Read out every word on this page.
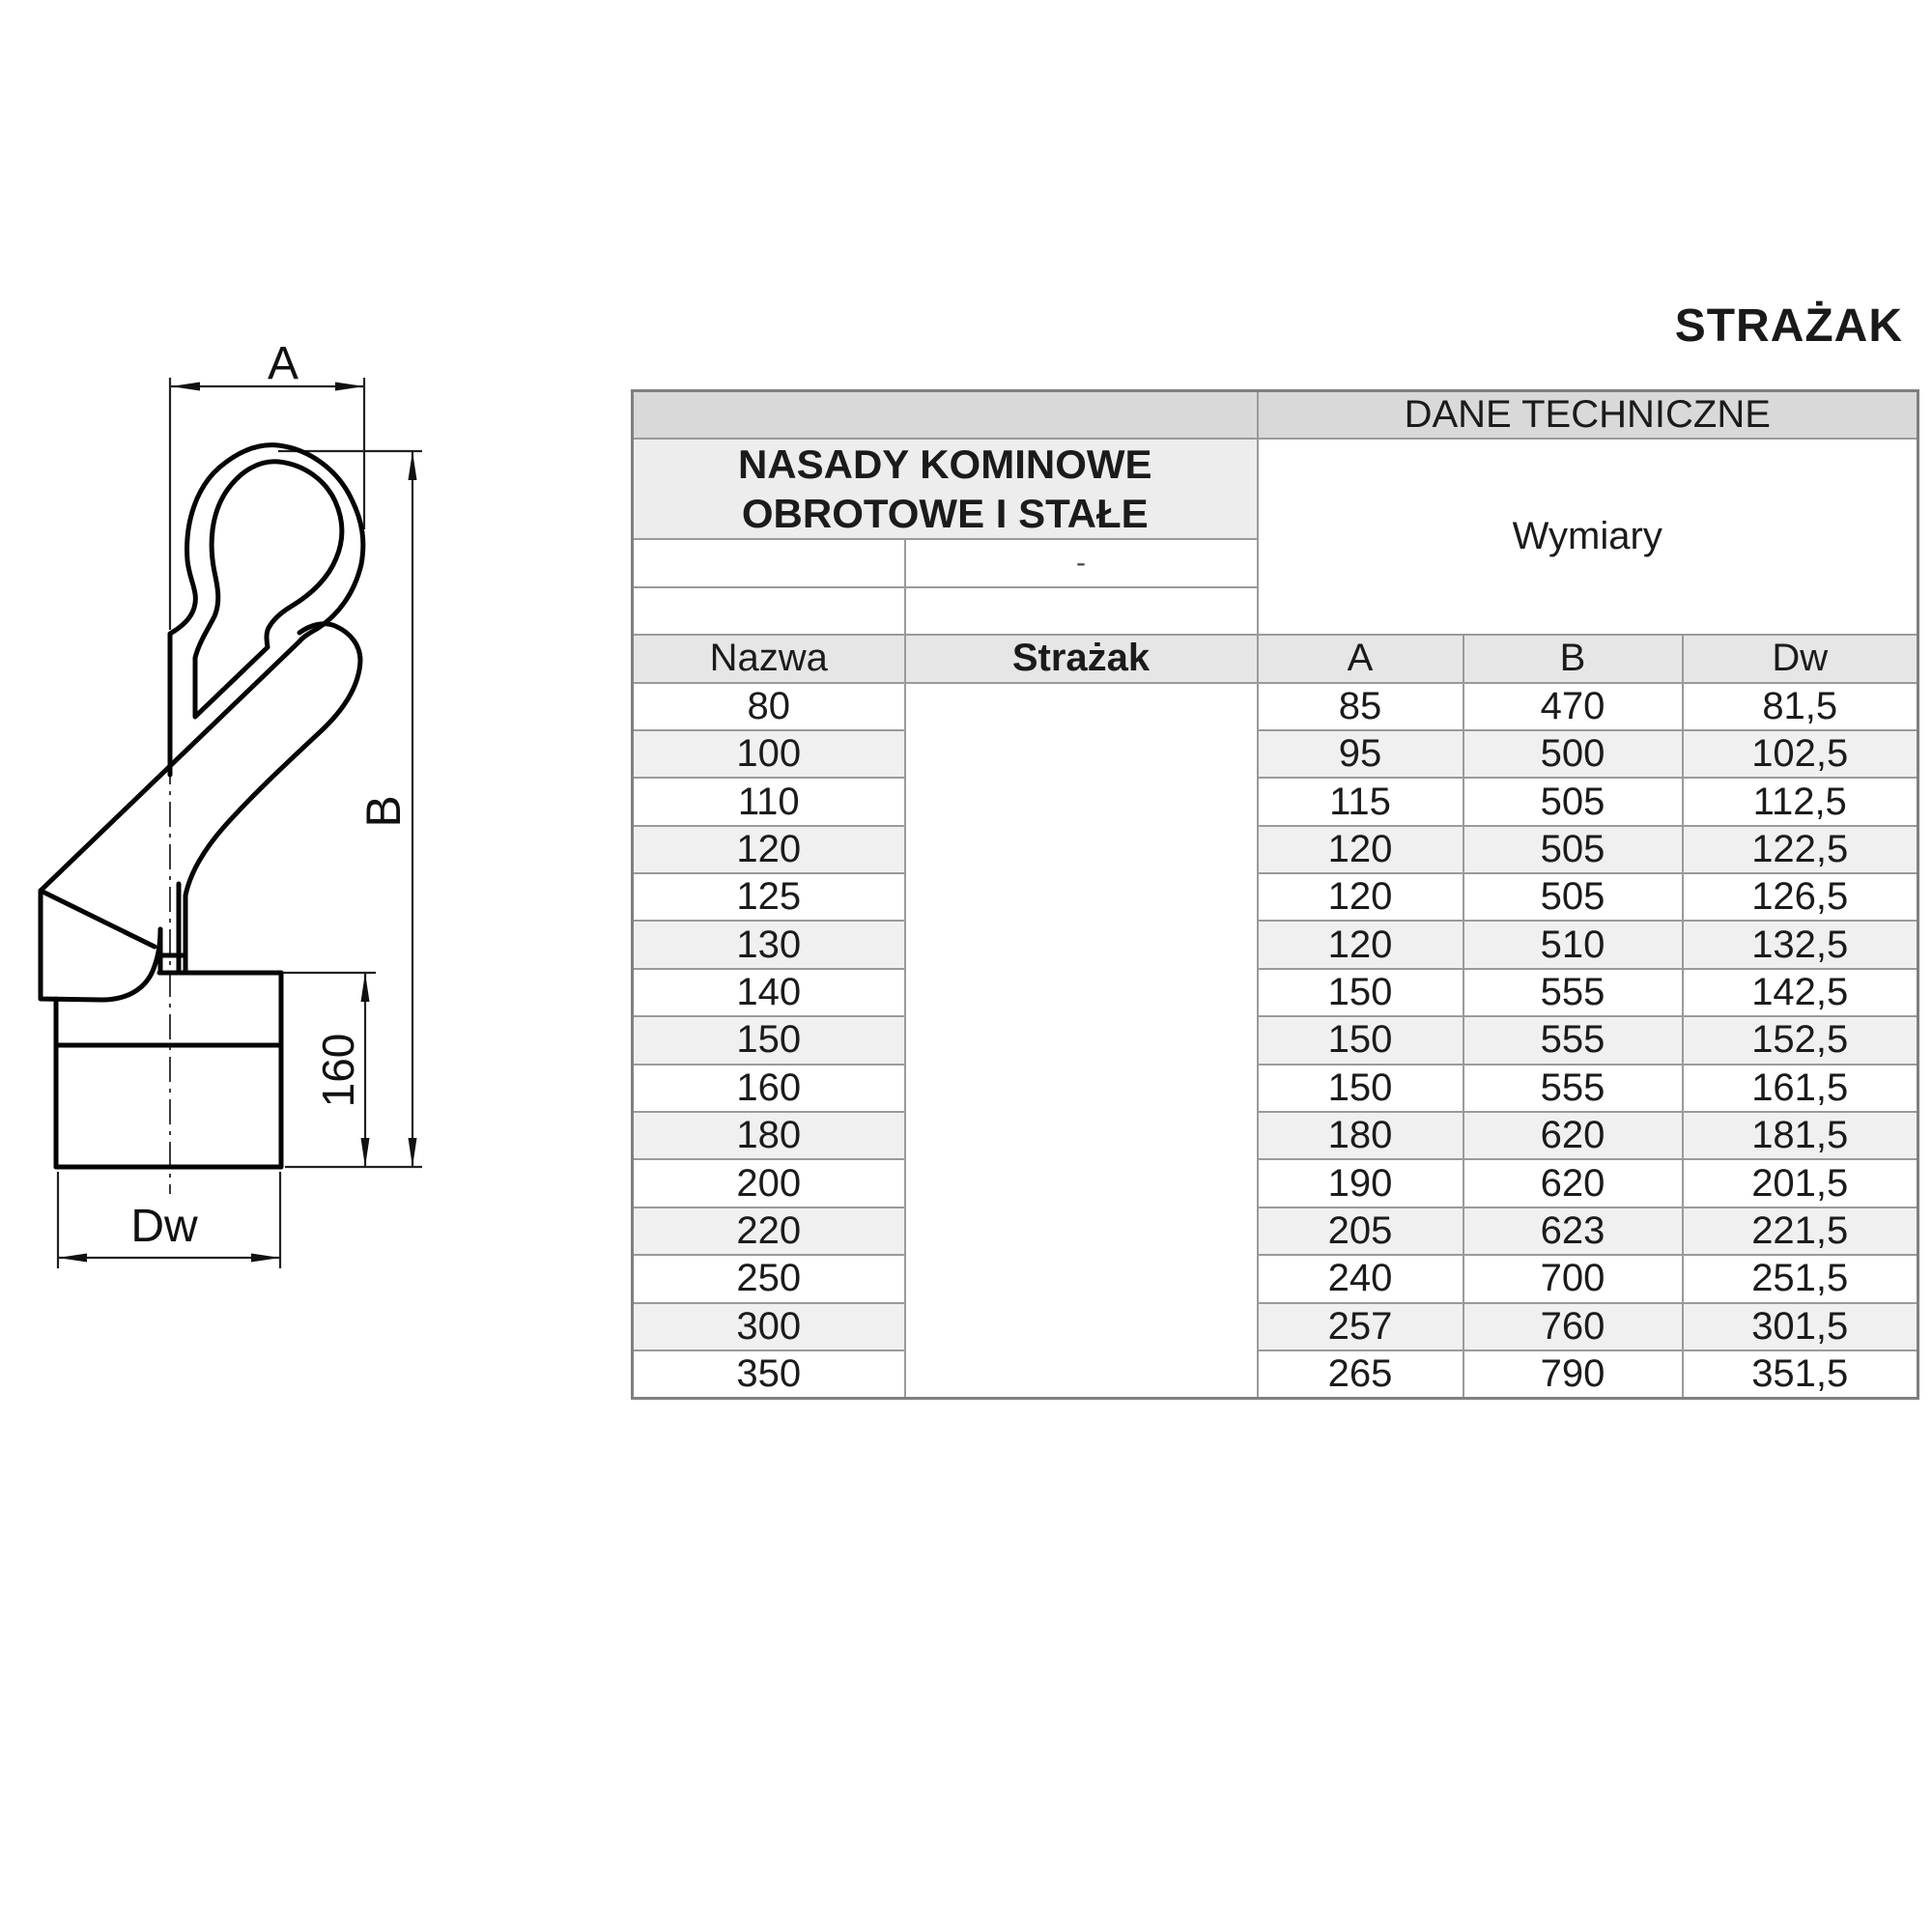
STRAŻAK
A
B
160
Dw
		DANE TECHNICZNE		

NASADY KOMINOWE
OBROTOWE I STAŁE		Wymiary		
	-			

Nazwa	Strażak	A	B	Dw
80		85	470	81,5
100		95	500	102,5
110		115	505	112,5
120		120	505	122,5
125		120	505	126,5
130		120	510	132,5
140		150	555	142,5
150		150	555	152,5
160		150	555	161,5
180		180	620	181,5
200		190	620	201,5
220		205	623	221,5
250		240	700	251,5
300		257	760	301,5
350		265	790	351,5
